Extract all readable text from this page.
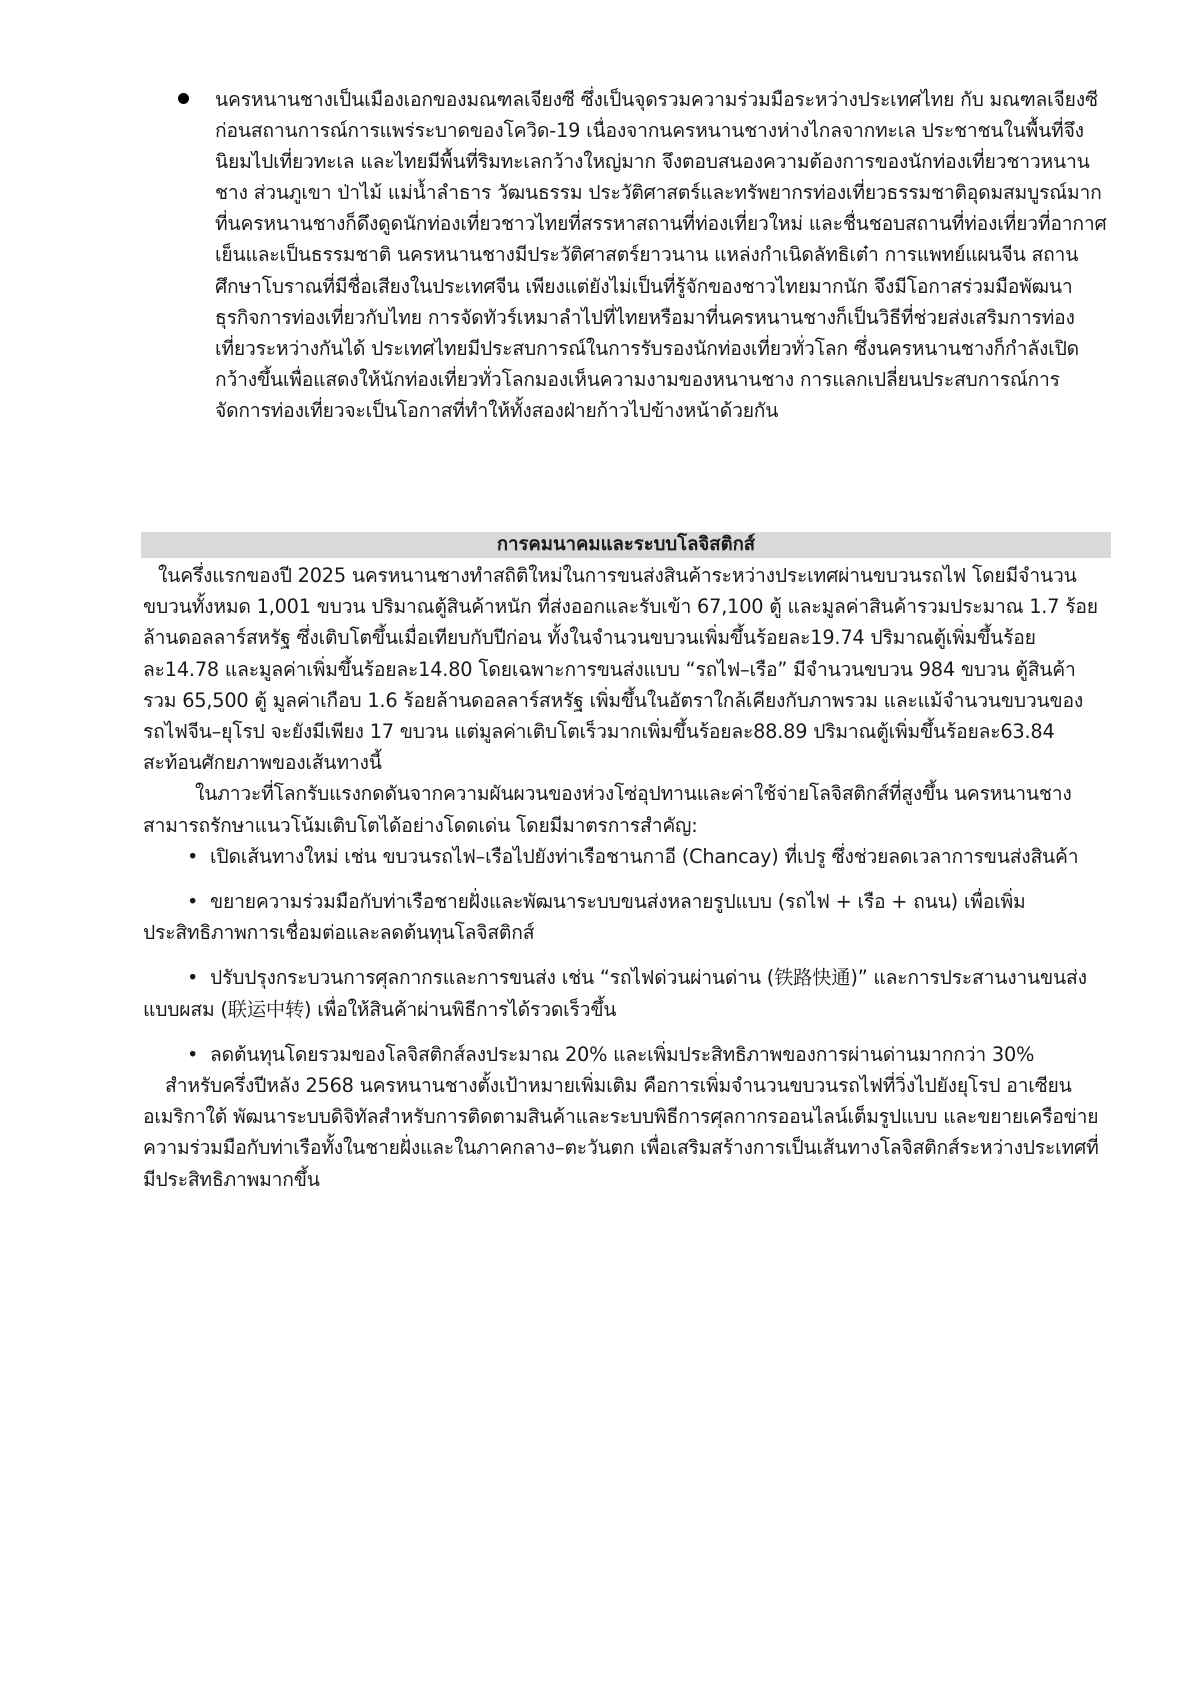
นครหนานชางเป็นเมืองเอกของมณฑลเจียงซี ซึ่งเป็นจุดรวมความร่วมมือระหว่างประเทศไทย กับ มณฑลเจียงซี ก่อนสถานการณ์การแพร่ระบาดของโควิด-19 เนื่องจากนครหนานชางห่างไกลจากทะเล ประชาชนในพื้นที่จึงนิยมไปเที่ยวทะเล และไทยมีพื้นที่ริมทะเลกว้างใหญ่มาก จึงตอบสนองความต้องการของนักท่องเที่ยวชาวหนานชาง ส่วนภูเขา ป่าไม้ แม่น้ำลำธาร วัฒนธรรม ประวัติศาสตร์และทรัพยากรท่องเที่ยวธรรมชาติอุดมสมบูรณ์มากที่นครหนานชางก็ดึงดูดนักท่องเที่ยวชาวไทยที่สรรหาสถานที่ท่องเที่ยวใหม่ และชื่นชอบสถานที่ท่องเที่ยวที่อากาศเย็นและเป็นธรรมชาติ นครหนานชางมีประวัติศาสตร์ยาวนาน แหล่งกำเนิดลัทธิเต๋า การแพทย์แผนจีน สถานศึกษาโบราณที่มีชื่อเสียงในประเทศจีน เพียงแต่ยังไม่เป็นที่รู้จักของชาวไทยมากนัก จึงมีโอกาสร่วมมือพัฒนาธุรกิจการท่องเที่ยวกับไทย การจัดทัวร์เหมาลำไปที่ไทยหรือมาที่นครหนานชางก็เป็นวิธีที่ช่วยส่งเสริมการท่องเที่ยวระหว่างกันได้ ประเทศไทยมีประสบการณ์ในการรับรองนักท่องเที่ยวทั่วโลก ซึ่งนครหนานชางก็กำลังเปิดกว้างขึ้นเพื่อแสดงให้นักท่องเที่ยวทั่วโลกมองเห็นความงามของหนานชาง การแลกเปลี่ยนประสบการณ์การจัดการท่องเที่ยวจะเป็นโอกาสที่ทำให้ทั้งสองฝ่ายก้าวไปข้างหน้าด้วยกัน

การคมนาคมและระบบโลจิสติกส์

ในครึ่งแรกของปี 2025 นครหนานชางทำสถิติใหม่ในการขนส่งสินค้าระหว่างประเทศผ่านขบวนรถไฟ โดยมีจำนวนขบวนทั้งหมด 1,001 ขบวน ปริมาณตู้สินค้าหนัก ที่ส่งออกและรับเข้า 67,100 ตู้ และมูลค่าสินค้ารวมประมาณ 1.7 ร้อยล้านดอลลาร์สหรัฐ ซึ่งเติบโตขึ้นเมื่อเทียบกับปีก่อน ทั้งในจำนวนขบวนเพิ่มขึ้นร้อยละ19.74 ปริมาณตู้เพิ่มขึ้นร้อยละ14.78 และมูลค่าเพิ่มขึ้นร้อยละ14.80 โดยเฉพาะการขนส่งแบบ “รถไฟ–เรือ” มีจำนวนขบวน 984 ขบวน ตู้สินค้ารวม 65,500 ตู้ มูลค่าเกือบ 1.6 ร้อยล้านดอลลาร์สหรัฐ เพิ่มขึ้นในอัตราใกล้เคียงกับภาพรวม และแม้จำนวนขบวนของรถไฟจีน–ยุโรป จะยังมีเพียง 17 ขบวน แต่มูลค่าเติบโตเร็วมากเพิ่มขึ้นร้อยละ88.89 ปริมาณตู้เพิ่มขึ้นร้อยละ63.84 สะท้อนศักยภาพของเส้นทางนี้

ในภาวะที่โลกรับแรงกดดันจากความผันผวนของห่วงโซ่อุปทานและค่าใช้จ่ายโลจิสติกส์ที่สูงขึ้น นครหนานชางสามารถรักษาแนวโน้มเติบโตได้อย่างโดดเด่น โดยมีมาตรการสำคัญ:

• เปิดเส้นทางใหม่ เช่น ขบวนรถไฟ–เรือไปยังท่าเรือชานกาอี (Chancay) ที่เปรู ซึ่งช่วยลดเวลาการขนส่งสินค้า

• ขยายความร่วมมือกับท่าเรือชายฝั่งและพัฒนาระบบขนส่งหลายรูปแบบ (รถไฟ + เรือ + ถนน) เพื่อเพิ่มประสิทธิภาพการเชื่อมต่อและลดต้นทุนโลจิสติกส์

• ปรับปรุงกระบวนการศุลกากรและการขนส่ง เช่น “รถไฟด่วนผ่านด่าน (铁路快通)” และการประสานงานขนส่งแบบผสม (联运中转) เพื่อให้สินค้าผ่านพิธีการได้รวดเร็วขึ้น

• ลดต้นทุนโดยรวมของโลจิสติกส์ลงประมาณ 20% และเพิ่มประสิทธิภาพของการผ่านด่านมากกว่า 30%

สำหรับครึ่งปีหลัง 2568 นครหนานชางตั้งเป้าหมายเพิ่มเติม คือการเพิ่มจำนวนขบวนรถไฟที่วิ่งไปยังยุโรป อาเซียน อเมริกาใต้ พัฒนาระบบดิจิทัลสำหรับการติดตามสินค้าและระบบพิธีการศุลกากรออนไลน์เต็มรูปแบบ และขยายเครือข่ายความร่วมมือกับท่าเรือทั้งในชายฝั่งและในภาคกลาง–ตะวันตก เพื่อเสริมสร้างการเป็นเส้นทางโลจิสติกส์ระหว่างประเทศที่มีประสิทธิภาพมากขึ้น
